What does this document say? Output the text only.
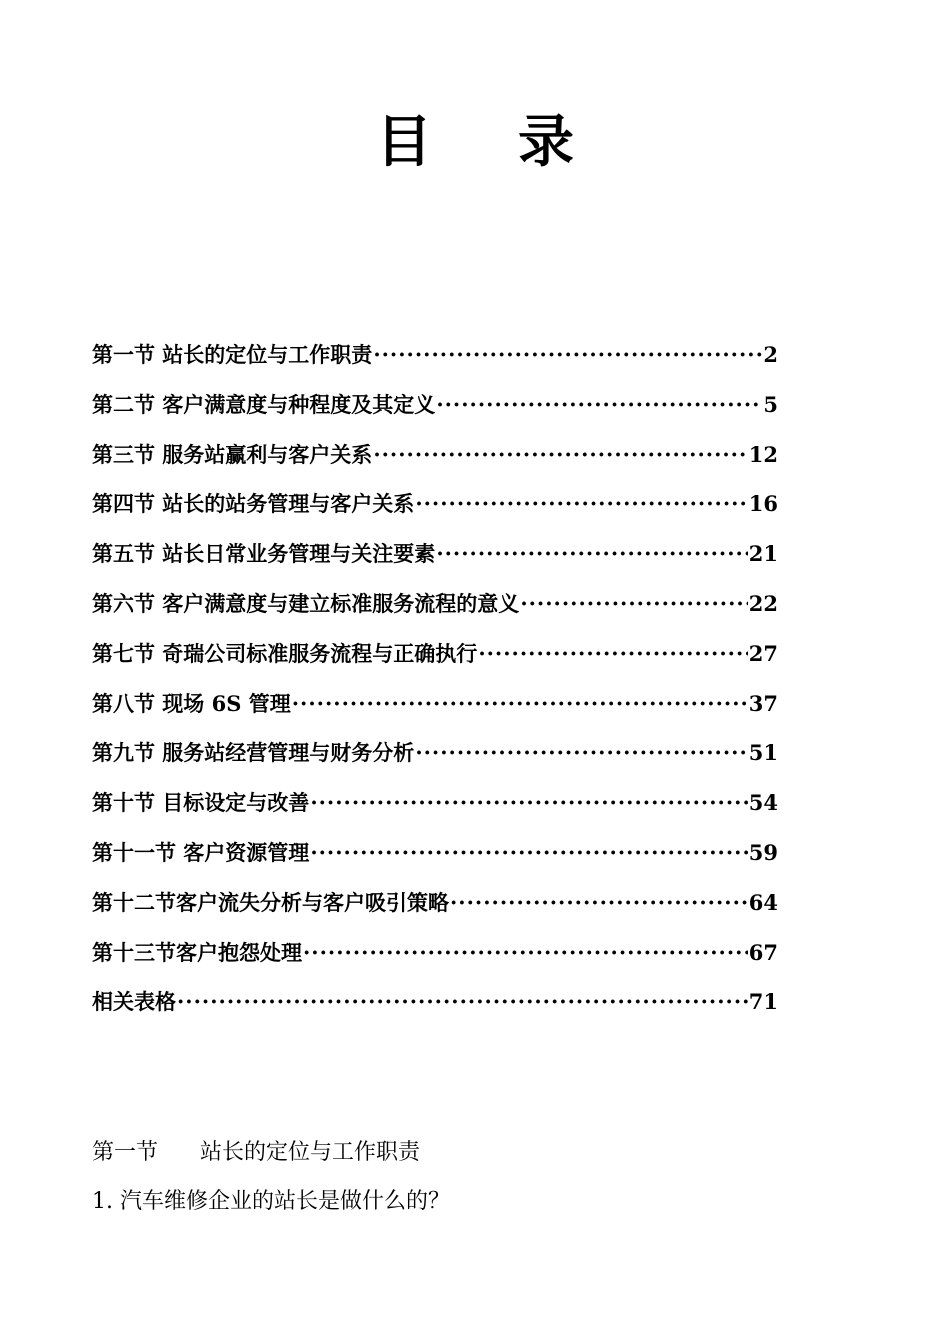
目 录
第一节 站长的定位与工作职责 ·····	2
第二节 客户满意度与种程度及其定义 ·····	5
第三节 服务站赢利与客户关系 ·····	12
第四节 站长的站务管理与客户关系 ·····	16
第五节 站长日常业务管理与关注要素 ·····	21
第六节 客户满意度与建立标准服务流程的意义 ·····	22
第七节 奇瑞公司标准服务流程与正确执行 ·····	27
第八节 现场 6S 管理 ·····	37
第九节 服务站经营管理与财务分析 ·····	51
第十节 目标设定与改善 ·····	54
第十一节 客户资源管理 ·····	59
第十二节客户流失分析与客户吸引策略 ·····	64
第十三节客户抱怨处理 ·····	67
相关表格 ·····	71
第一节      站长的定位与工作职责
1. 汽车维修企业的站长是做什么的？
